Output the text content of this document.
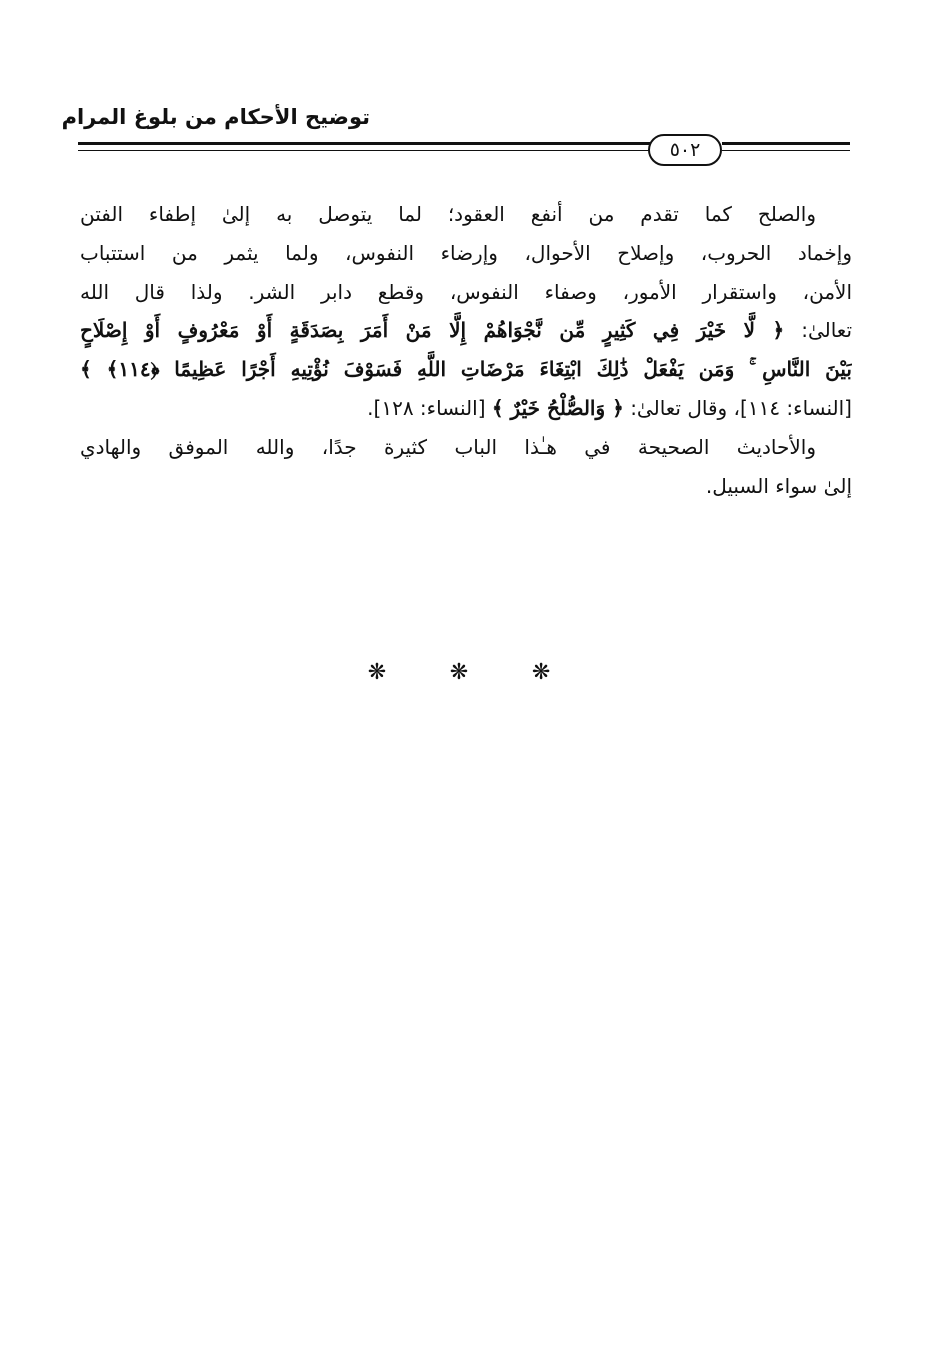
توضيح الأحكام من بلوغ المرام
٥٠٢
والصلح كما تقدم من أنفع العقود؛ لما يتوصل به إلىٰ إطفاء الفتن
وإخماد الحروب، وإصلاح الأحوال، وإرضاء النفوس، ولما يثمر من استتباب
الأمن، واستقرار الأمور، وصفاء النفوس، وقطع دابر الشر. ولذا قال الله
تعالىٰ: ﴿ لَّا خَيْرَ فِي كَثِيرٍ مِّن نَّجْوَاهُمْ إِلَّا مَنْ أَمَرَ بِصَدَقَةٍ أَوْ مَعْرُوفٍ أَوْ إِصْلَاحٍ
بَيْنَ النَّاسِ ۚ وَمَن يَفْعَلْ ذَٰلِكَ ابْتِغَاءَ مَرْضَاتِ اللَّهِ فَسَوْفَ نُؤْتِيهِ أَجْرًا عَظِيمًا ﴿١١٤﴾ ﴾
[النساء: ١١٤]، وقال تعالىٰ: ﴿ وَالصُّلْحُ خَيْرٌ ﴾ [النساء: ١٢٨].
والأحاديث الصحيحة في هـٰذا الباب كثيرة جدًا، والله الموفق والهادي
إلىٰ سواء السبيل.
❋ ❋ ❋
